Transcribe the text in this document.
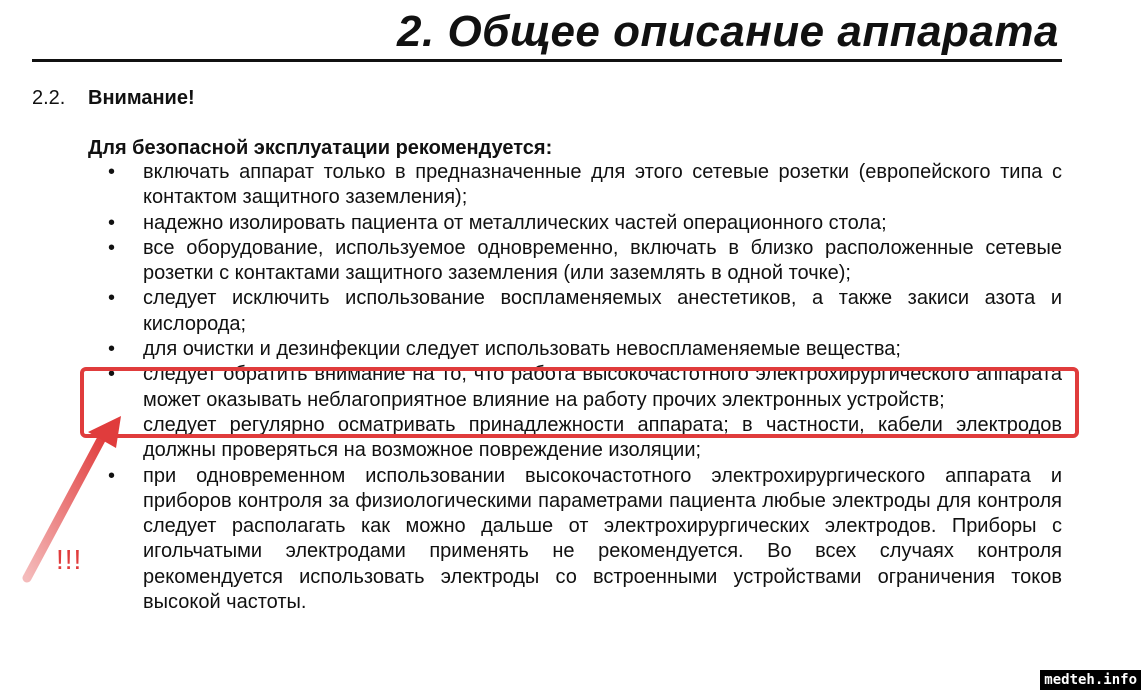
2. Общее описание аппарата
2.2. Внимание!
Для безопасной эксплуатации рекомендуется:
• включать аппарат только в предназначенные для этого сетевые розетки (европейского типа с контактом защитного заземления);
• надежно изолировать пациента от металлических частей операционного стола;
• все оборудование, используемое одновременно, включать в близко расположенные сетевые розетки с контактами защитного заземления (или заземлять в одной точке);
• следует исключить использование воспламеняемых анестетиков, а также закиси азота и кислорода;
• для очистки и дезинфекции следует использовать невоспламеняемые вещества;
• следует обратить внимание на то, что работа высокочастотного электрохирургического аппарата может оказывать неблагоприятное влияние на работу прочих электронных устройств;
следует регулярно осматривать принадлежности аппарата; в частности, кабели электродов должны проверяться на возможное повреждение изоляции;
• при одновременном использовании высокочастотного электрохирургического аппарата и приборов контроля за физиологическими параметрами пациента любые электроды для контроля следует располагать как можно дальше от электрохирургических электродов. Приборы с игольчатыми электродами применять не рекомендуется. Во всех случаях контроля рекомендуется использовать электроды со встроенными устройствами ограничения токов высокой частоты.
!!!
medteh.info
